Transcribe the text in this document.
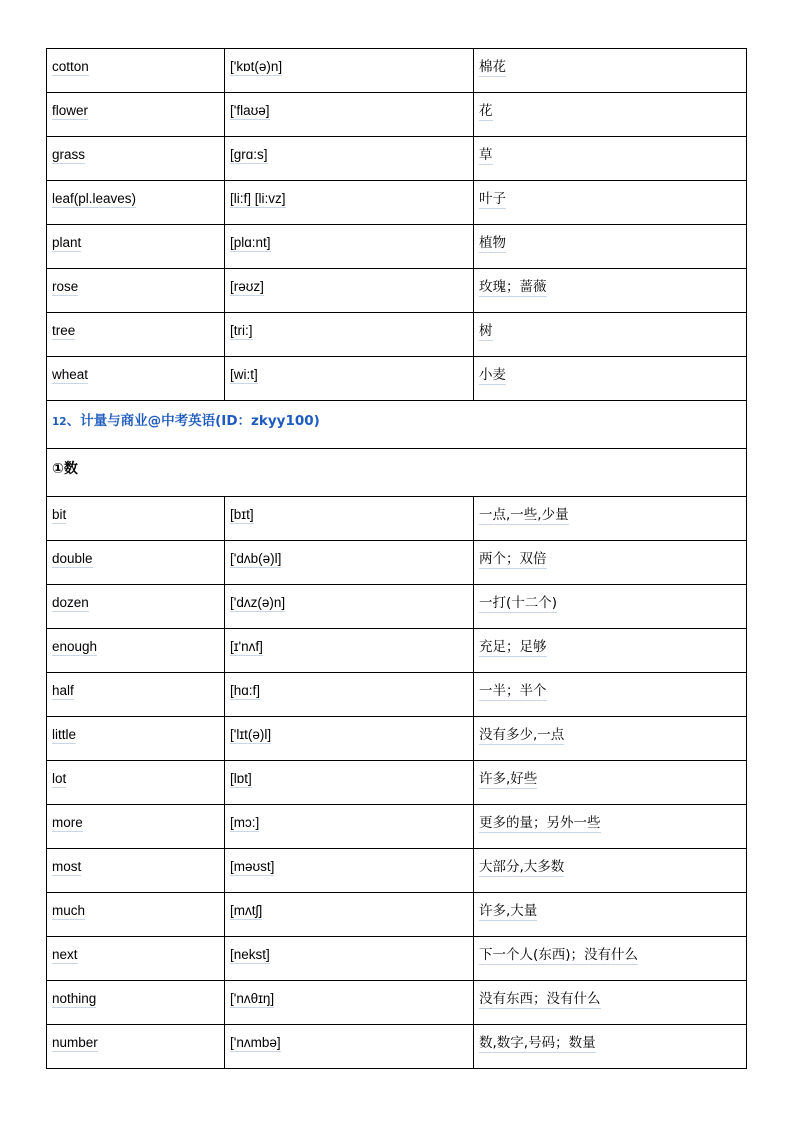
cotton	['kɒt(ə)n]	棉花

flower	['flaʊə]	花

grass	[grɑ:s]	草

leaf(pl.leaves)	[li:f] [li:vz]	叶子

plant	[plɑ:nt]	植物

rose	[rəʊz]	玫瑰；蔷薇

tree	[tri:]	树

wheat	[wi:t]	小麦

12、计量与商业@中考英语(ID：zkyy100)		

①数		

bit	[bɪt]	一点,一些,少量

double	['dʌb(ə)l]	两个；双倍

dozen	['dʌz(ə)n]	一打(十二个)

enough	[ɪ'nʌf]	充足；足够

half	[hɑ:f]	一半；半个

little	['lɪt(ə)l]	没有多少,一点

lot	[lɒt]	许多,好些

more	[mɔ:]	更多的量；另外一些

most	[məʊst]	大部分,大多数

much	[mʌtʃ]	许多,大量

next	[nekst]	下一个人(东西)；没有什么

nothing	['nʌθɪŋ]	没有东西；没有什么

number	['nʌmbə]	数,数字,号码；数量
